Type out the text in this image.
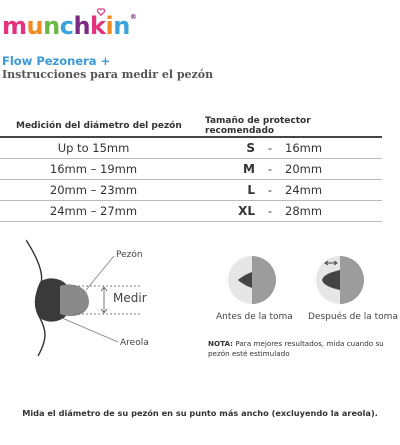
munchkin®
Flow Pezonera +
Instrucciones para medir el pezón
Medición del diámetro del pezón	Tamaño de protector recomendado
Up to 15mm	S - 16mm
16mm – 19mm	M - 20mm
20mm – 23mm	L - 24mm
24mm – 27mm	XL - 28mm
Pezón
Medir
Areola
Antes de la toma Después de la toma
NOTA: Para mejores resultados, mida cuando su pezón esté estimulado
Mida el diámetro de su pezón en su punto más ancho (excluyendo la areola).
